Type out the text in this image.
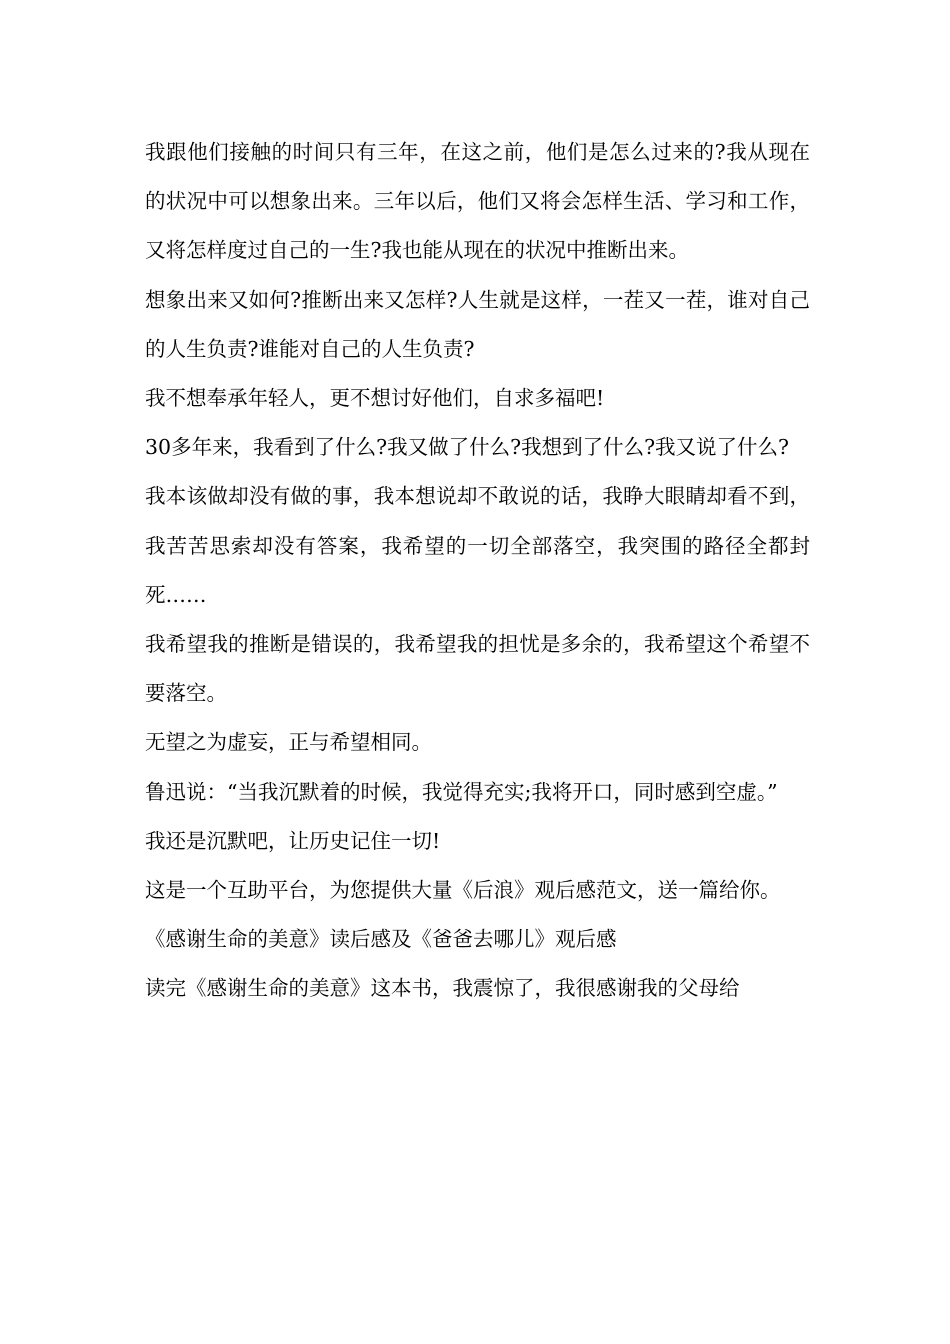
我跟他们接触的时间只有三年，在这之前，他们是怎么过来的?我从现在的状况中可以想象出来。三年以后，他们又将会怎样生活、学习和工作，又将怎样度过自己的一生?我也能从现在的状况中推断出来。

想象出来又如何?推断出来又怎样?人生就是这样，一茬又一茬，谁对自己的人生负责?谁能对自己的人生负责?

我不想奉承年轻人，更不想讨好他们，自求多福吧!

30多年来，我看到了什么?我又做了什么?我想到了什么?我又说了什么?

我本该做却没有做的事，我本想说却不敢说的话，我睁大眼睛却看不到，我苦苦思索却没有答案，我希望的一切全部落空，我突围的路径全都封死……

我希望我的推断是错误的，我希望我的担忧是多余的，我希望这个希望不要落空。

无望之为虚妄，正与希望相同。

鲁迅说：“当我沉默着的时候，我觉得充实;我将开口，同时感到空虚。”

我还是沉默吧，让历史记住一切!

这是一个互助平台，为您提供大量《后浪》观后感范文，送一篇给你。

《感谢生命的美意》读后感及《爸爸去哪儿》观后感

读完《感谢生命的美意》这本书，我震惊了，我很感谢我的父母给
